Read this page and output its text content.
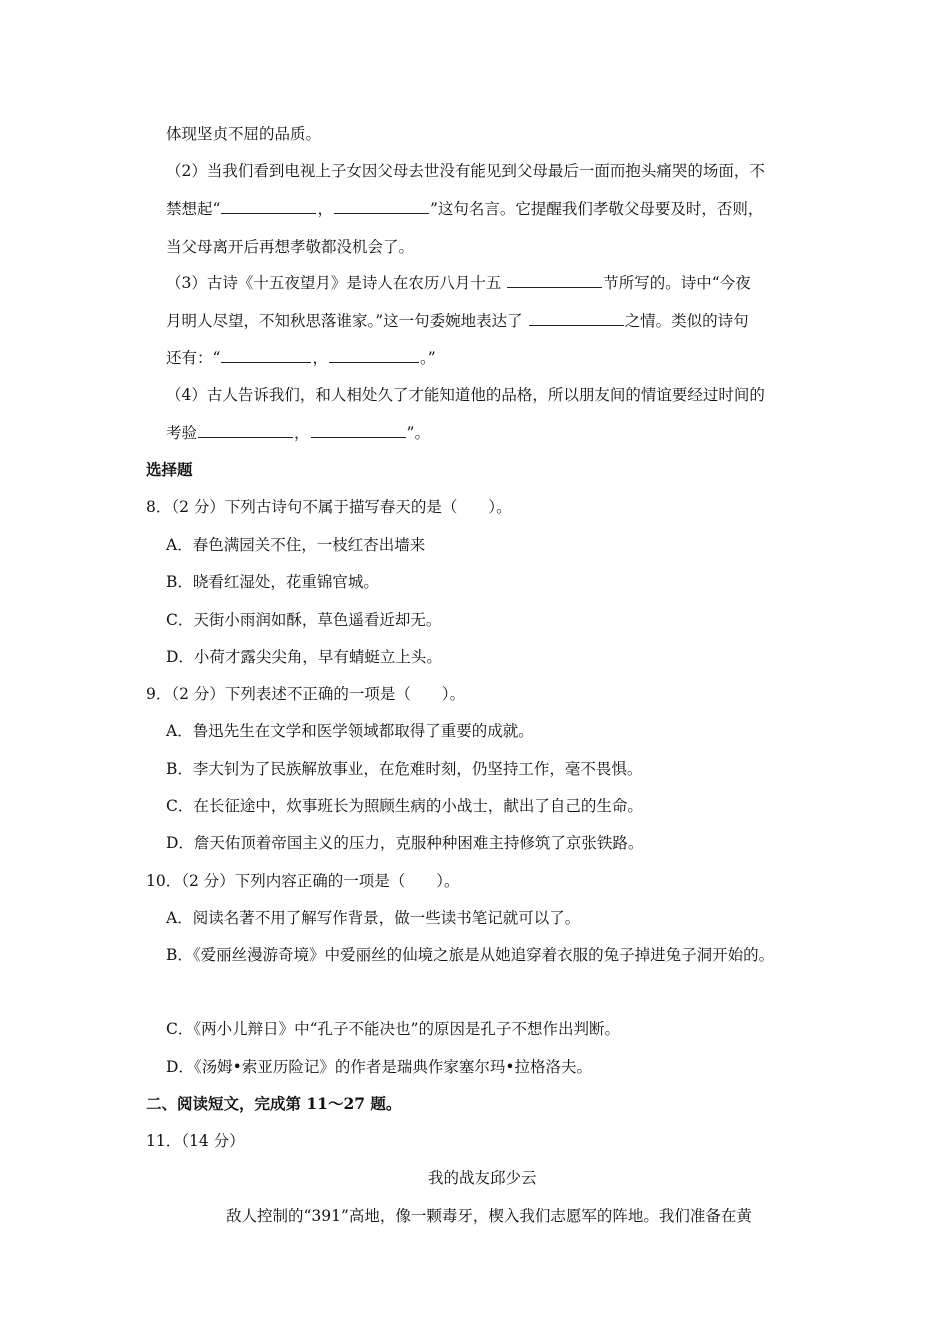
体现坚贞不屈的品质。
（2）当我们看到电视上子女因父母去世没有能见到父母最后一面而抱头痛哭的场面，不
禁想起“	，	”这句名言。它提醒我们孝敬父母要及时，否则，
当父母离开后再想孝敬都没机会了。
（3）古诗《十五夜望月》是诗人在农历八月十五	节所写的。诗中“今夜
月明人尽望，不知秋思落谁家。”这一句委婉地表达了	之情。类似的诗句
还有：“	，	。”
（4）古人告诉我们，和人相处久了才能知道他的品格，所以朋友间的情谊要经过时间的
考验	，	”。
选择题
8．（2 分）下列古诗句不属于描写春天的是（　　）。
A．春色满园关不住，一枝红杏出墙来
B．晓看红湿处，花重锦官城。
C．天街小雨润如酥，草色遥看近却无。
D．小荷才露尖尖角，早有蜻蜓立上头。
9．（2 分）下列表述不正确的一项是（　　）。
A．鲁迅先生在文学和医学领域都取得了重要的成就。
B．李大钊为了民族解放事业，在危难时刻，仍坚持工作，毫不畏惧。
C．在长征途中，炊事班长为照顾生病的小战士，献出了自己的生命。
D．詹天佑顶着帝国主义的压力，克服种种困难主持修筑了京张铁路。
10．（2 分）下列内容正确的一项是（　　）。
A．阅读名著不用了解写作背景，做一些读书笔记就可以了。
B．《爱丽丝漫游奇境》中爱丽丝的仙境之旅是从她追穿着衣服的兔子掉进兔子洞开始的。
C．《两小儿辩日》中“孔子不能决也”的原因是孔子不想作出判断。
D．《汤姆•索亚历险记》的作者是瑞典作家塞尔玛•拉格洛夫。
二、阅读短文，完成第 11～27 题。
11．（14 分）
我的战友邱少云
敌人控制的“391”高地，像一颗毒牙，楔入我们志愿军的阵地。我们准备在黄
